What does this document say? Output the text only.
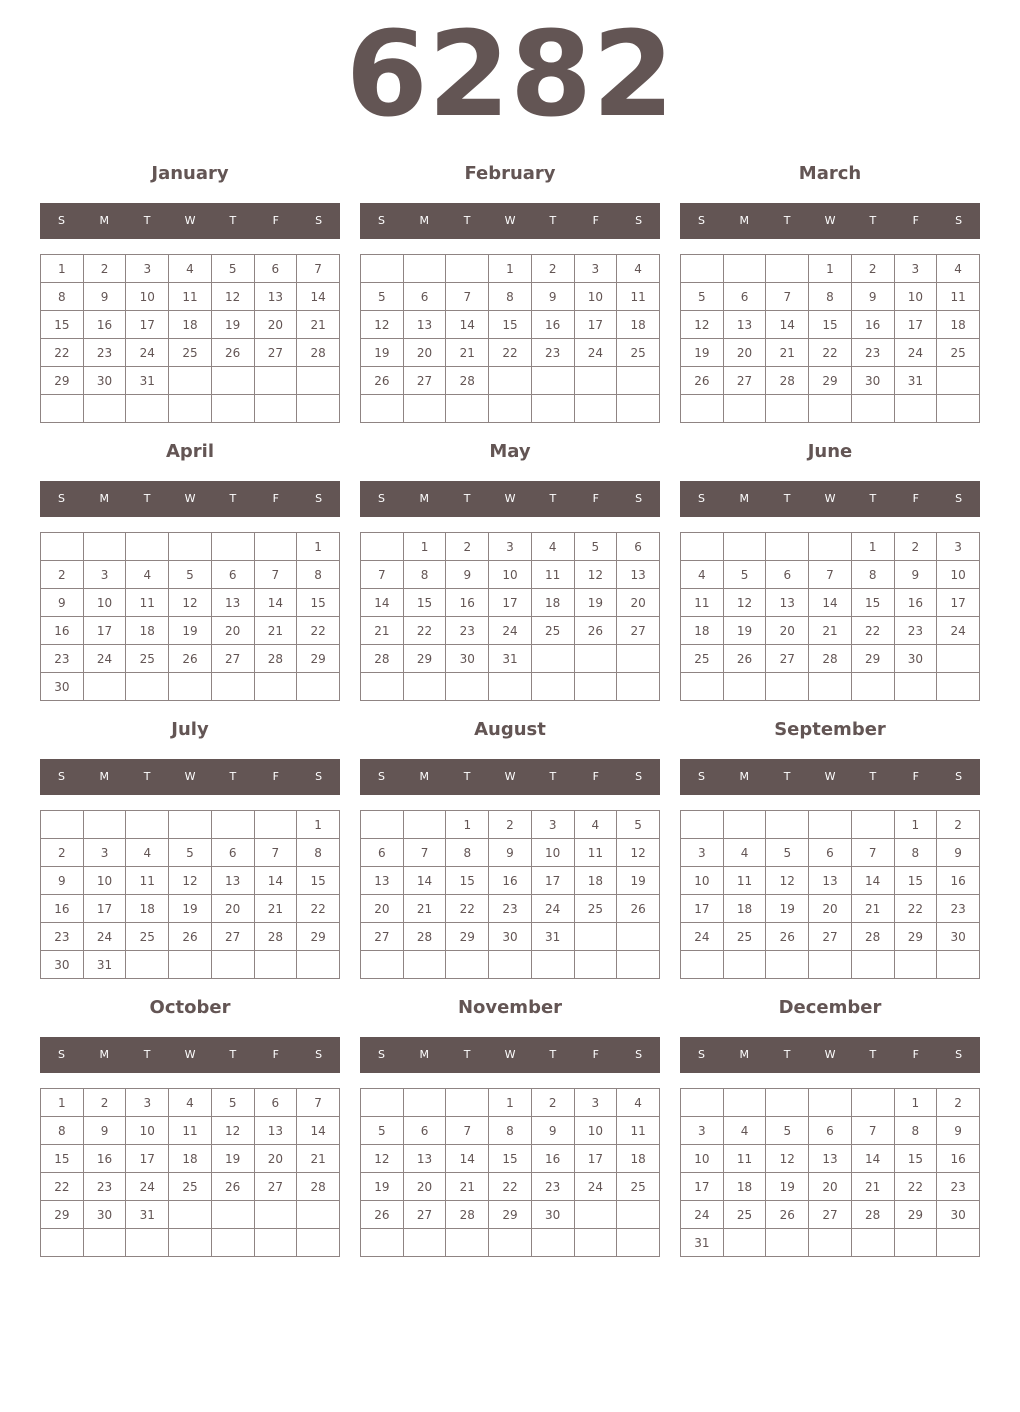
6282
January
S	M	T	W	T	F	S
1	2	3	4	5	6	7
8	9	10	11	12	13	14
15	16	17	18	19	20	21
22	23	24	25	26	27	28
29	30	31				

February
S	M	T	W	T	F	S
			1	2	3	4
5	6	7	8	9	10	11
12	13	14	15	16	17	18
19	20	21	22	23	24	25
26	27	28				

March
S	M	T	W	T	F	S
			1	2	3	4
5	6	7	8	9	10	11
12	13	14	15	16	17	18
19	20	21	22	23	24	25
26	27	28	29	30	31	

April
S	M	T	W	T	F	S
						1
2	3	4	5	6	7	8
9	10	11	12	13	14	15
16	17	18	19	20	21	22
23	24	25	26	27	28	29
30						
May
S	M	T	W	T	F	S
	1	2	3	4	5	6
7	8	9	10	11	12	13
14	15	16	17	18	19	20
21	22	23	24	25	26	27
28	29	30	31			

June
S	M	T	W	T	F	S
				1	2	3
4	5	6	7	8	9	10
11	12	13	14	15	16	17
18	19	20	21	22	23	24
25	26	27	28	29	30	

July
S	M	T	W	T	F	S
						1
2	3	4	5	6	7	8
9	10	11	12	13	14	15
16	17	18	19	20	21	22
23	24	25	26	27	28	29
30	31					
August
S	M	T	W	T	F	S
		1	2	3	4	5
6	7	8	9	10	11	12
13	14	15	16	17	18	19
20	21	22	23	24	25	26
27	28	29	30	31		

September
S	M	T	W	T	F	S
					1	2
3	4	5	6	7	8	9
10	11	12	13	14	15	16
17	18	19	20	21	22	23
24	25	26	27	28	29	30

October
S	M	T	W	T	F	S
1	2	3	4	5	6	7
8	9	10	11	12	13	14
15	16	17	18	19	20	21
22	23	24	25	26	27	28
29	30	31				

November
S	M	T	W	T	F	S
			1	2	3	4
5	6	7	8	9	10	11
12	13	14	15	16	17	18
19	20	21	22	23	24	25
26	27	28	29	30		

December
S	M	T	W	T	F	S
					1	2
3	4	5	6	7	8	9
10	11	12	13	14	15	16
17	18	19	20	21	22	23
24	25	26	27	28	29	30
31						
